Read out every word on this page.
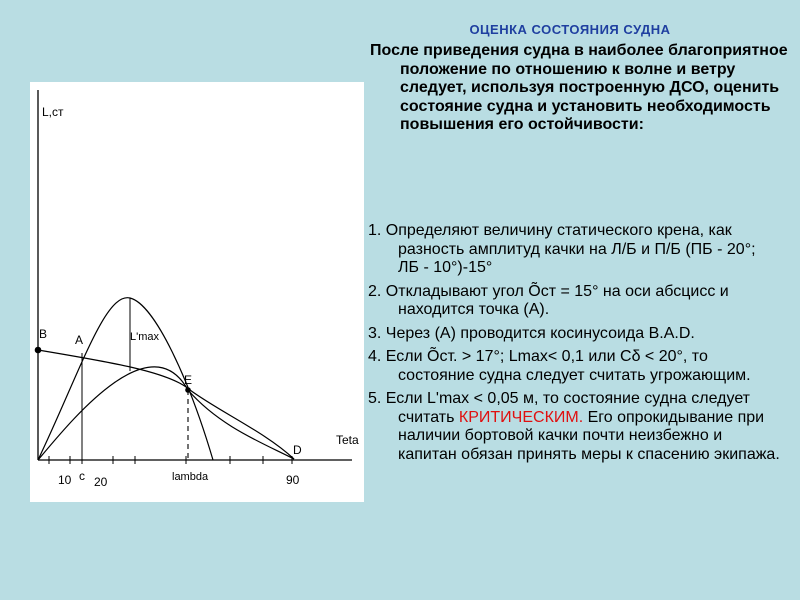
L,ст
Teta
B A
E
D
L'max
10 c 20	lambda	90
ОЦЕНКА СОСТОЯНИЯ СУДНА

После приведения судна в наиболее благоприятное положение по отношению к волне и ветру следует, используя построенную ДСО, оценить состояние судна и установить необходимость повышения его остойчивости:

1. Определяют величину статического крена, как разность амплитуд качки на Л/Б и П/Б (ПБ - 20°; ЛБ - 10°)-15°
2. Откладывают угол Õст = 15° на оси абсцисс и находится точка (А).
3. Через (А) проводится косинусоида В.А.D.
4. Если Õст. > 17°; Lmax< 0,1 или Cδ < 20°, то состояние судна следует считать угрожающим.
5. Если L'max < 0,05 м, то состояние судна следует считать КРИТИЧЕСКИМ. Его опрокидывание при наличии бортовой качки почти неизбежно и капитан обязан принять меры к спасению экипажа.
